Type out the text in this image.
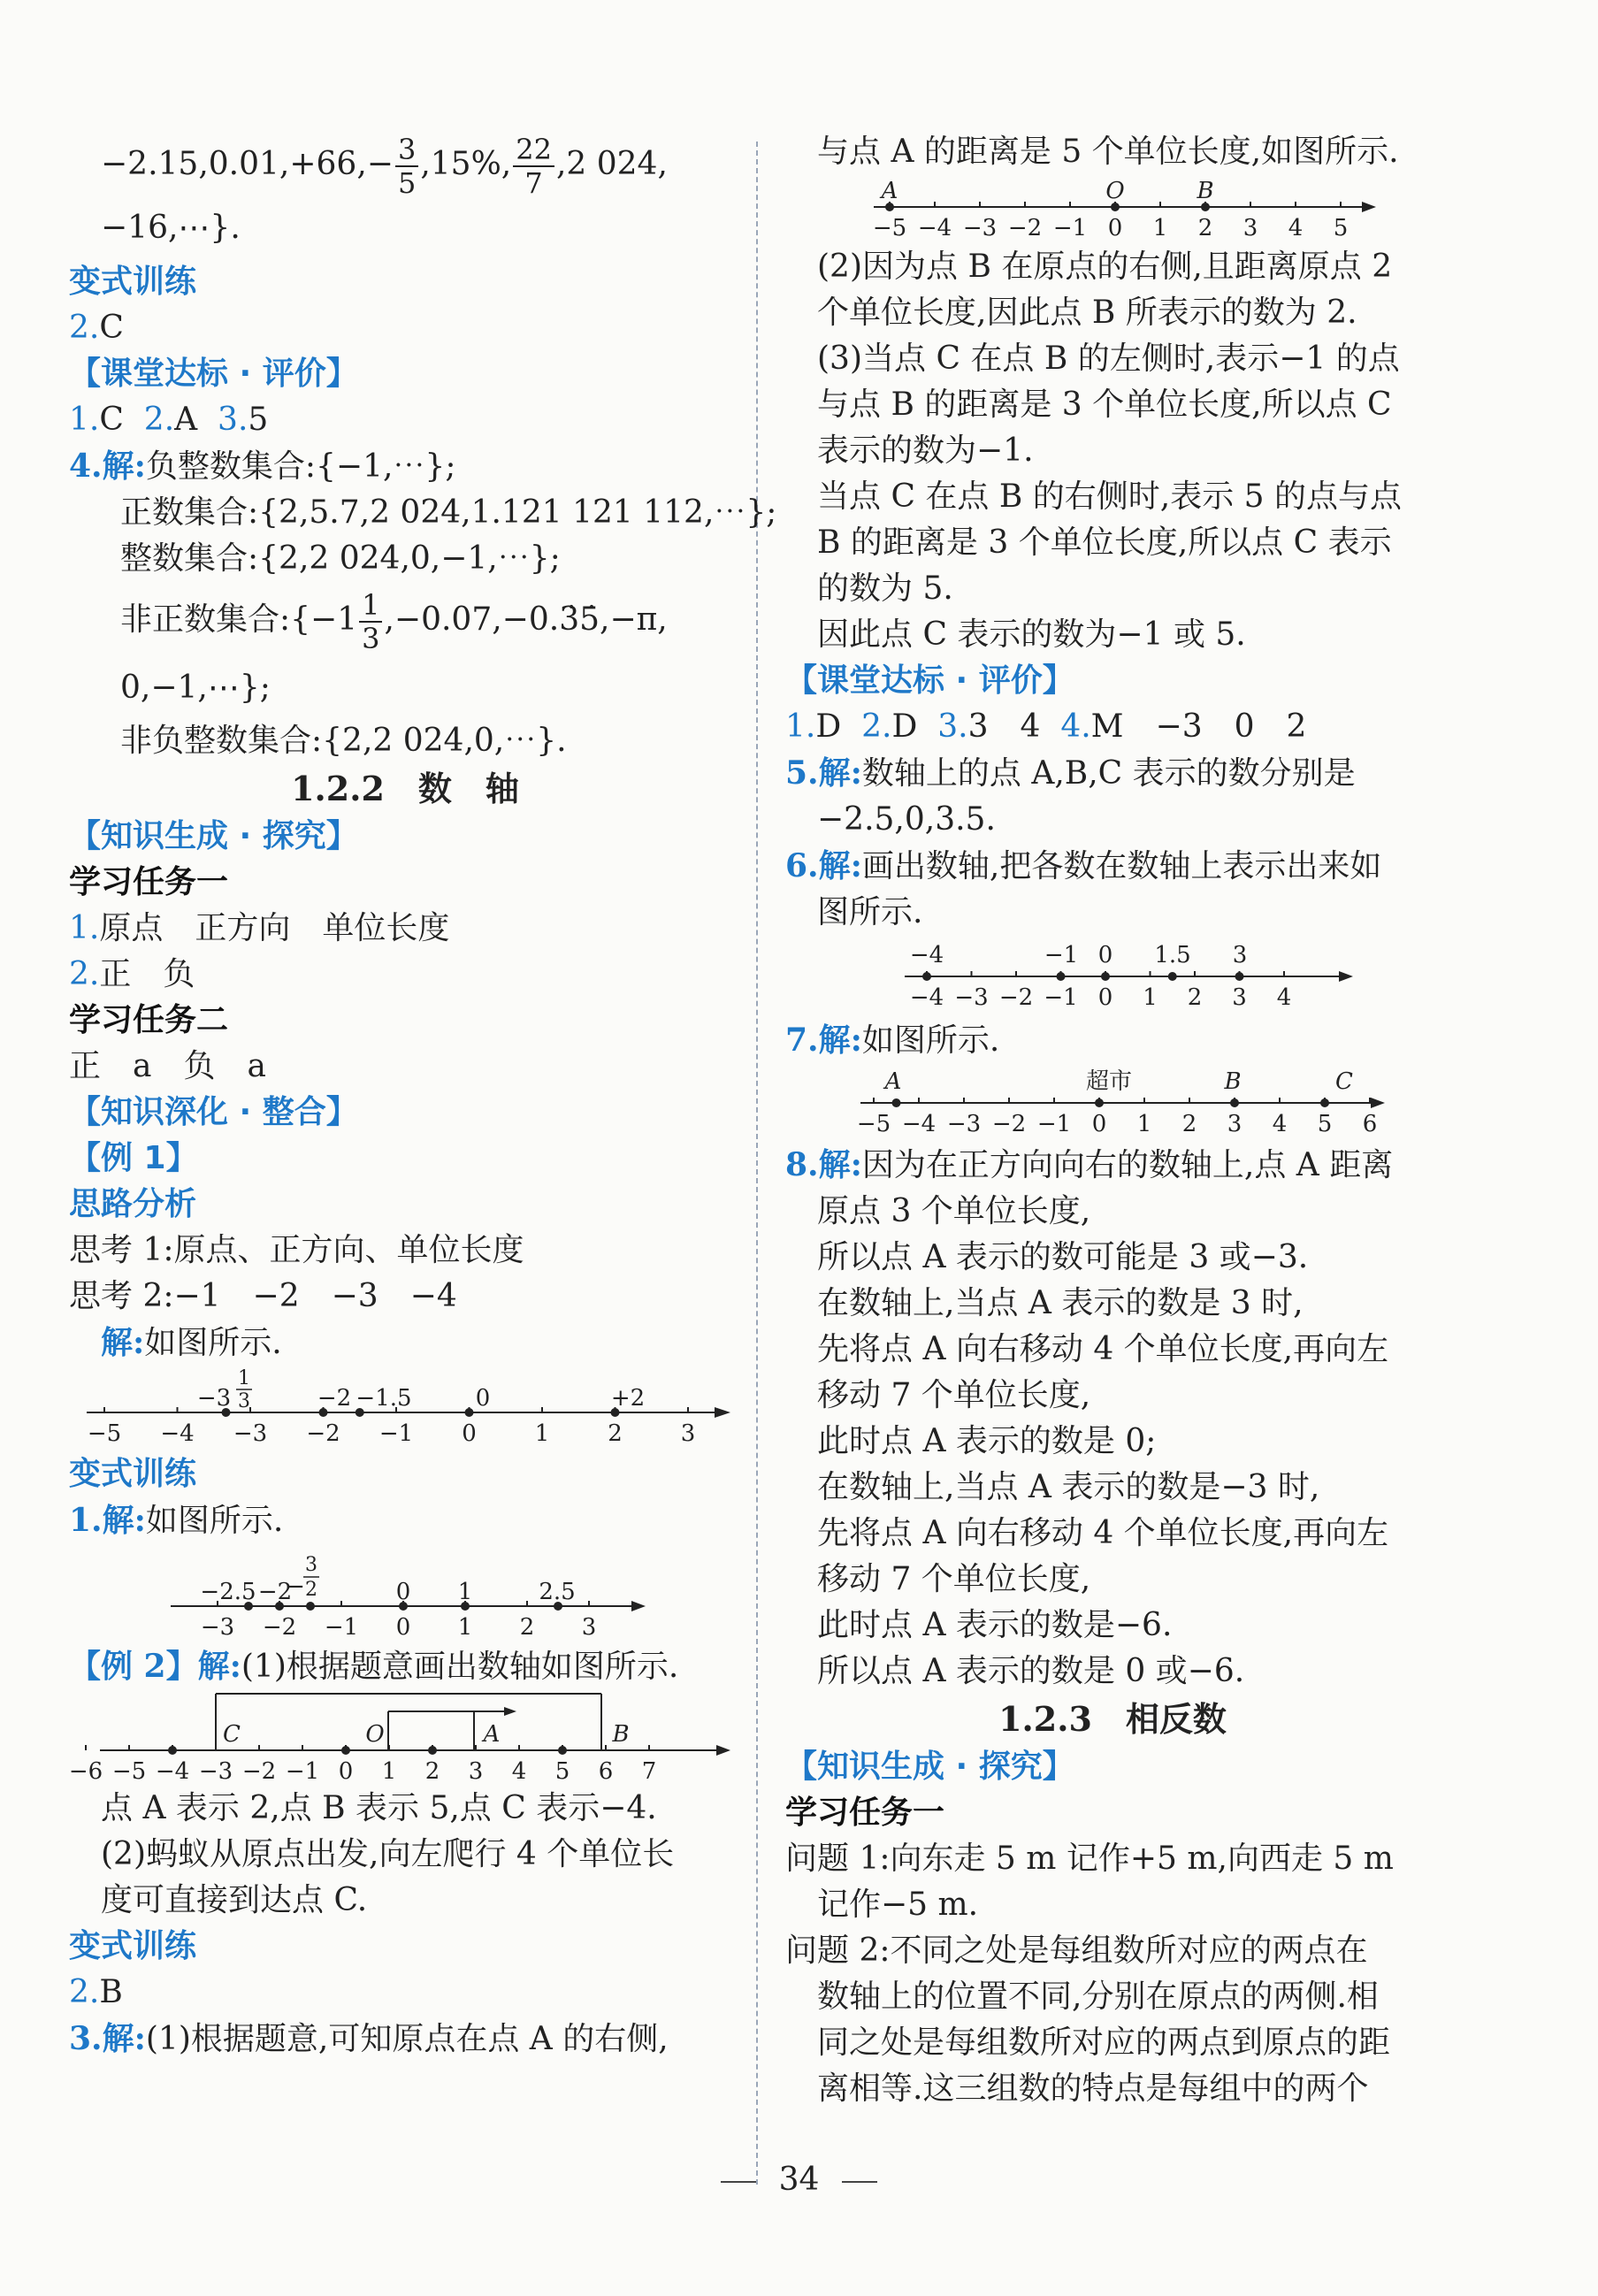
$-2.15,0.01,+66,- \frac{3}{5} ,15\%$, $\frac{22}{7} ,2$ 024,
−16,⋯}.
变式训练
2.C
【课堂达标 · 评价】
1.C 2.A 3.5
4.解:负整数集合:{−1,⋯};
正数集合:{2,5.7,2 024,1.121 121 112,⋯};
整数集合:{2,2 024,0,−1,⋯};
非正数集合:{−1 $\frac{1}{3}$ ,−0.07,−0.3̇5̇,−π,
0,−1,⋯};
非负整数集合:{2,2 024,0,⋯}.
1.2.2　数　轴
【知识生成 · 探究】
学习任务一
1.原点　正方向　单位长度
2.正　负
学习任务二
正　a　负　a
【知识深化 · 整合】
【例 1】
思路分析
思考 1:原点、正方向、单位长度
思考 2:−1　−2　−3　−4
解:如图所示.
−5 −4 −3 −2 −1 0	1	2	3
−3
1
3	−2 −1.5	0	+2
变式训练
1.解:如图所示.
−3 −2 −1 0 1 2 3
−2.5 −2
−
3
2	0 1	2.5
【例 2】解:(1)根据题意画出数轴如图所示.
−6 −5 −4 −3 −2 −1 0 1 2 3 4 5 6 7
C	O	A	B
点 A 表示 2,点 B 表示 5,点 C 表示−4.
(2)蚂蚁从原点出发,向左爬行 4 个单位长
度可直接到达点 C.
变式训练
2.B
3.解:(1)根据题意,可知原点在点 A 的右侧,
与点 A 的距离是 5 个单位长度,如图所示.
−5 −4 −3 −2 −1 0 1 2 3 4 5
A	O	B
(2)因为点 B 在原点的右侧,且距离原点 2
个单位长度,因此点 B 所表示的数为 2.
(3)当点 C 在点 B 的左侧时,表示−1 的点
与点 B 的距离是 3 个单位长度,所以点 C
表示的数为−1.
当点 C 在点 B 的右侧时,表示 5 的点与点
B 的距离是 3 个单位长度,所以点 C 表示
的数为 5.
因此点 C 表示的数为−1 或 5.
【课堂达标 · 评价】
1.D 2.D 3.3　4 4.M　−3　0　2
5.解:数轴上的点 A,B,C 表示的数分别是
−2.5,0,3.5.
6.解:画出数轴,把各数在数轴上表示出来如
图所示.
−4 −3 −2 −1 0 1 2 3 4
−4	−1 0 1.5 3
7.解:如图所示.
−5 −4 −3 −2 −1 0 1 2 3 4 5 6
A	超市	B	C
8.解:因为在正方向向右的数轴上,点 A 距离
原点 3 个单位长度,
所以点 A 表示的数可能是 3 或−3.
在数轴上,当点 A 表示的数是 3 时,
先将点 A 向右移动 4 个单位长度,再向左
移动 7 个单位长度,
此时点 A 表示的数是 0;
在数轴上,当点 A 表示的数是−3 时,
先将点 A 向右移动 4 个单位长度,再向左
移动 7 个单位长度,
此时点 A 表示的数是−6.
所以点 A 表示的数是 0 或−6.
1.2.3　相反数
【知识生成 · 探究】
学习任务一
问题 1:向东走 5 m 记作+5 m,向西走 5 m
记作−5 m.
问题 2:不同之处是每组数所对应的两点在
数轴上的位置不同,分别在原点的两侧.相
同之处是每组数所对应的两点到原点的距
离相等.这三组数的特点是每组中的两个
34
